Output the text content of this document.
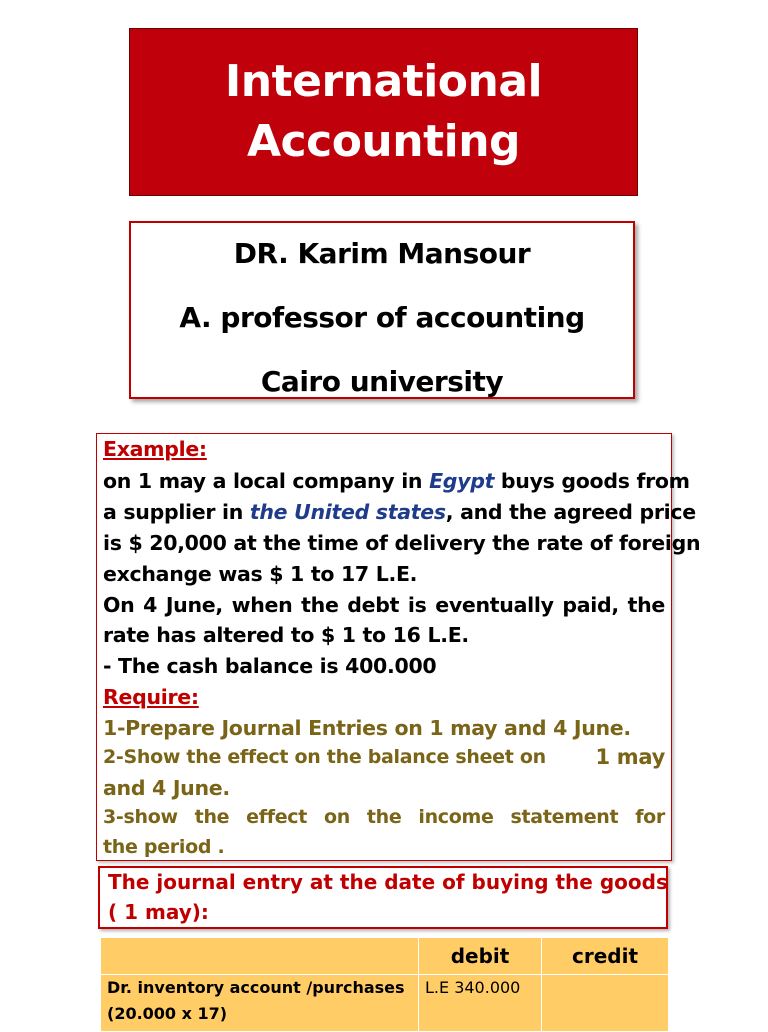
International
Accounting
DR. Karim Mansour
A. professor of accounting
Cairo university
Example:
on 1 may a local company in Egypt buys goods from
a supplier in the United states, and the agreed price
is $ 20,000 at the time of delivery the rate of foreign
exchange was $ 1 to 17 L.E.
On 4 June, when the debt is eventually paid, the
rate has altered to $ 1 to 16 L.E.
- The cash balance is 400.000
Require:
1-Prepare Journal Entries on 1 may and 4 June.
2-Show the effect on the balance sheet on 1 may
and 4 June.
3-show the effect on the income statement for
the period .
The journal entry at the date of buying the goods
( 1 may):
	debit	credit

Dr. inventory account /purchases
(20.000 x 17)	L.E 340.000	
